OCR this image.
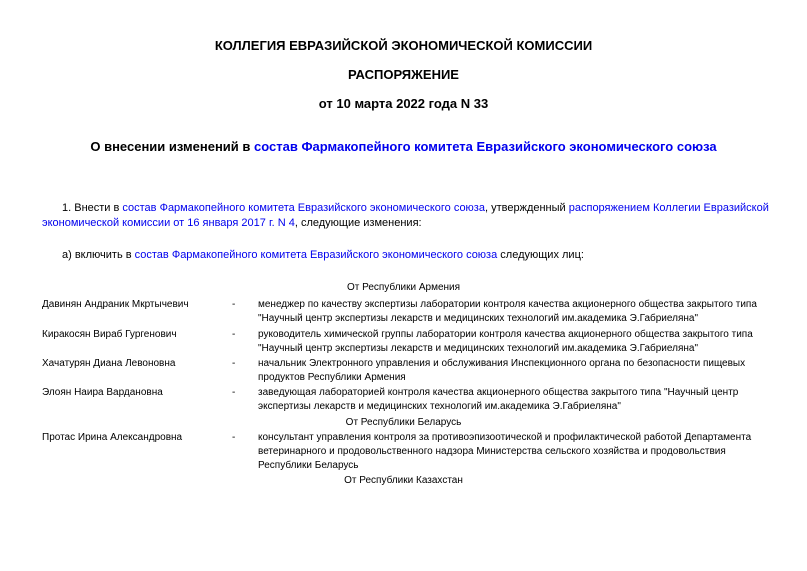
КОЛЛЕГИЯ ЕВРАЗИЙСКОЙ ЭКОНОМИЧЕСКОЙ КОМИССИИ
РАСПОРЯЖЕНИЕ
от 10 марта 2022 года N 33
О внесении изменений в состав Фармакопейного комитета Евразийского экономического союза
1. Внести в состав Фармакопейного комитета Евразийского экономического союза, утвержденный распоряжением Коллегии Евразийской экономической комиссии от 16 января 2017 г. N 4, следующие изменения:
а) включить в состав Фармакопейного комитета Евразийского экономического союза следующих лиц:
От Республики Армения
Давинян Андраник Мкртычевич	-	менеджер по качеству экспертизы лаборатории контроля качества акционерного общества закрытого типа "Научный центр экспертизы лекарств и медицинских технологий им.академика Э.Габриеляна"
Киракосян Вираб Гургенович	-	руководитель химической группы лаборатории контроля качества акционерного общества закрытого типа "Научный центр экспертизы лекарств и медицинских технологий им.академика Э.Габриеляна"
Хачатурян Диана Левоновна	-	начальник Электронного управления и обслуживания Инспекционного органа по безопасности пищевых продуктов Республики Армения
Элоян Наира Вардановна	-	заведующая лабораторией контроля качества акционерного общества закрытого типа "Научный центр экспертизы лекарств и медицинских технологий им.академика Э.Габриеляна"
От Республики Беларусь
Протас Ирина Александровна	-	консультант управления контроля за противоэпизоотической и профилактической работой Департамента ветеринарного и продовольственного надзора Министерства сельского хозяйства и продовольствия Республики Беларусь
От Республики Казахстан
